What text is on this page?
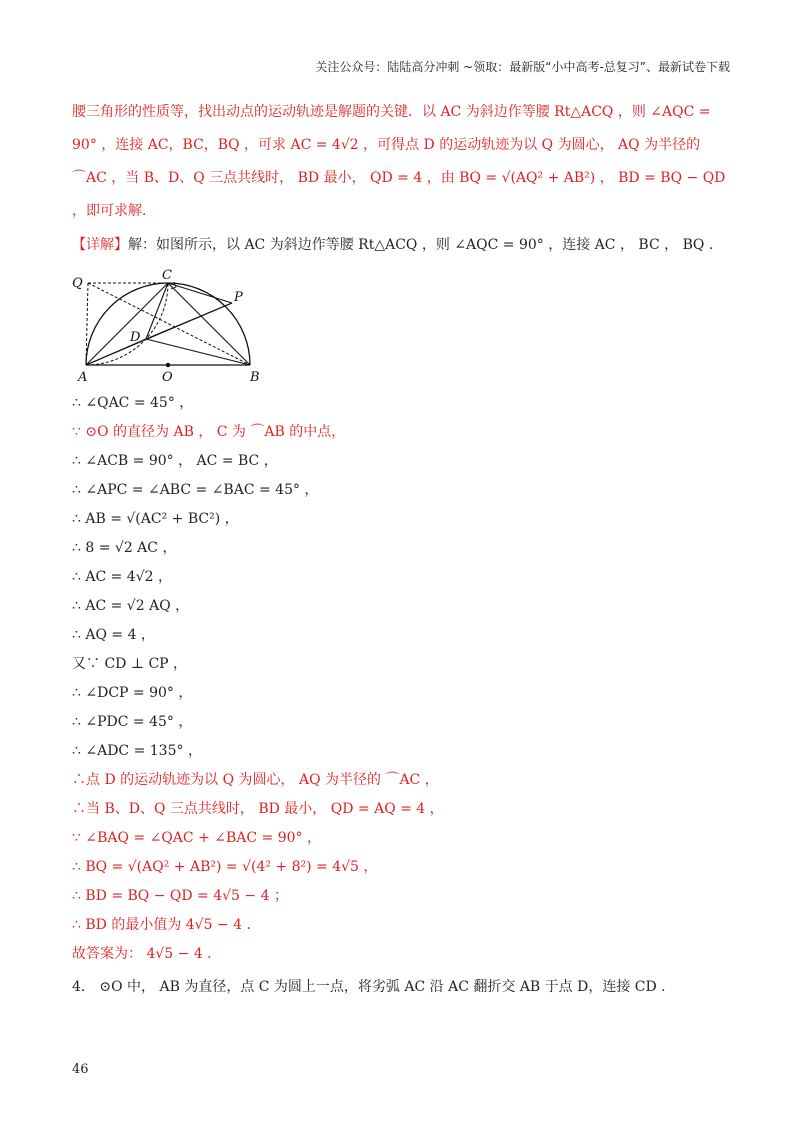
关注公众号：陆陆高分冲刺 ~领取：最新版“小中高考-总复习”、最新试卷下载

腰三角形的性质等，找出动点的运动轨迹是解题的关键．以 AC 为斜边作等腰 Rt△ACQ ，则 ∠AQC = 90° ，连接 AC，BC，BQ ，可求 AC = 4√2 ，可得点 D 的运动轨迹为以 Q 为圆心， AQ 为半径的 ⌒AC ，当 B、D、Q 三点共线时， BD 最小， QD = 4 ，由 BQ = √(AQ² + AB²) ， BD = BQ − QD ，即可求解．

【详解】解：如图所示，以 AC 为斜边作等腰 Rt△ACQ ，则 ∠AQC = 90° ，连接 AC ， BC ， BQ ．
Q
C
P
D
A	O	B
∴ ∠QAC = 45° ，
∵ ⊙O 的直径为 AB ， C 为 ⌒AB 的中点，
∴ ∠ACB = 90° ， AC = BC ，
∴ ∠APC = ∠ABC = ∠BAC = 45° ，
∴ AB = √(AC² + BC²) ，
∴ 8 = √2 AC ，
∴ AC = 4√2 ，
∴ AC = √2 AQ ，
∴ AQ = 4 ，
又∵ CD ⊥ CP ，
∴ ∠DCP = 90° ，
∴ ∠PDC = 45° ，
∴ ∠ADC = 135° ，
∴点 D 的运动轨迹为以 Q 为圆心， AQ 为半径的 ⌒AC ，
∴当 B、D、Q 三点共线时， BD 最小， QD = AQ = 4 ，
∵ ∠BAQ = ∠QAC + ∠BAC = 90° ，
∴ BQ = √(AQ² + AB²) = √(4² + 8²) = 4√5 ，
∴ BD = BQ − QD = 4√5 − 4 ；
∴ BD 的最小值为 4√5 − 4 ．
故答案为： 4√5 − 4 ．
4． ⊙O 中， AB 为直径，点 C 为圆上一点，将劣弧 AC 沿 AC 翻折交 AB 于点 D，连接 CD ．
46
